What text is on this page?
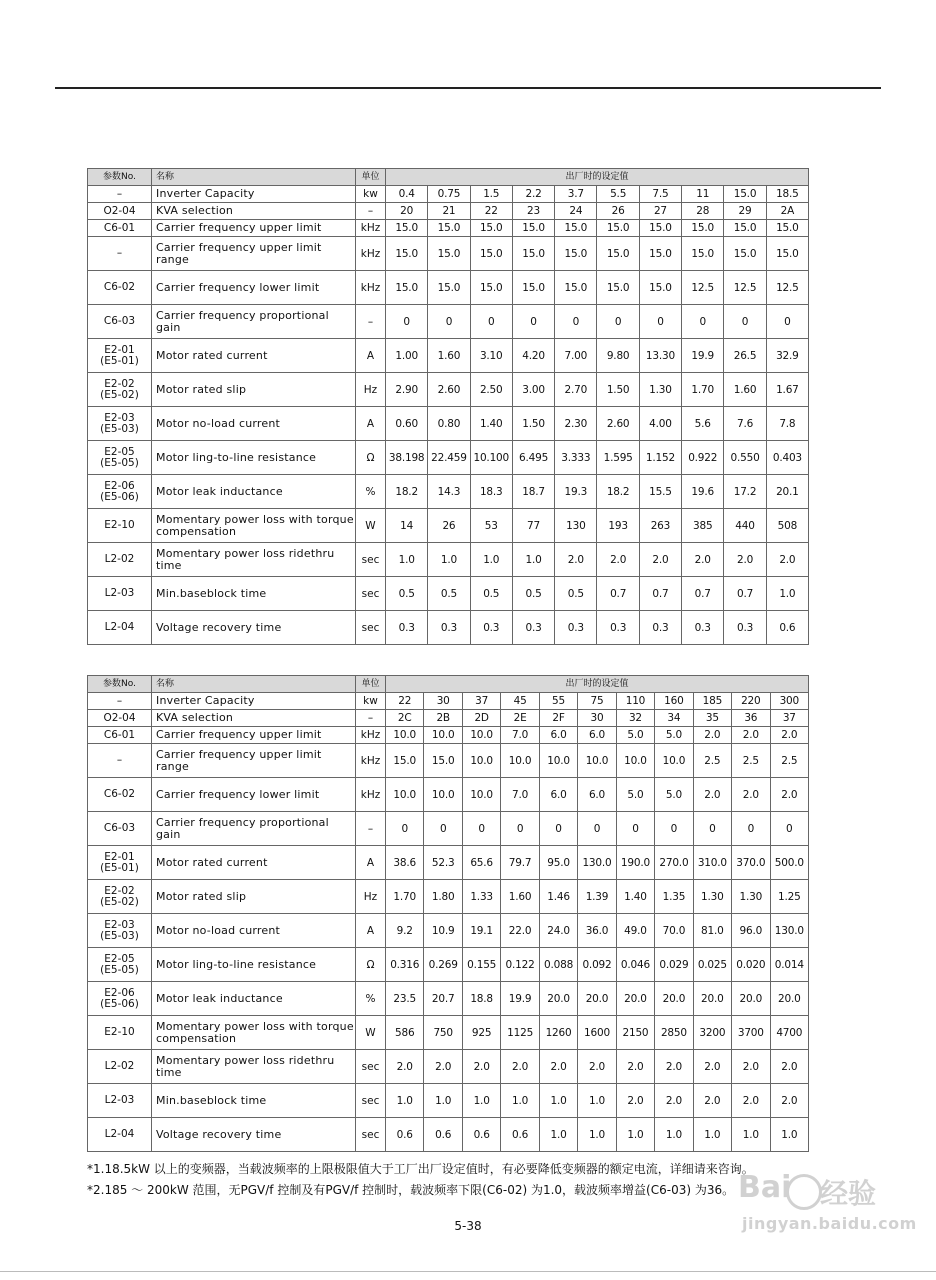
参数No.	名称	单位	出厂时的设定值									
–	Inverter Capacity	kw	0.4	0.75	1.5	2.2	3.7	5.5	7.5	11	15.0	18.5
O2-04	KVA selection	–	20	21	22	23	24	26	27	28	29	2A
C6-01	Carrier frequency upper limit	kHz	15.0	15.0	15.0	15.0	15.0	15.0	15.0	15.0	15.0	15.0
–	Carrier frequency upper limit range	kHz	15.0	15.0	15.0	15.0	15.0	15.0	15.0	15.0	15.0	15.0
C6-02	Carrier frequency lower limit	kHz	15.0	15.0	15.0	15.0	15.0	15.0	15.0	12.5	12.5	12.5
C6-03	Carrier frequency proportional gain	–	0	0	0	0	0	0	0	0	0	0
E2-01
(E5-01)	Motor rated current	A	1.00	1.60	3.10	4.20	7.00	9.80	13.30	19.9	26.5	32.9
E2-02
(E5-02)	Motor rated slip	Hz	2.90	2.60	2.50	3.00	2.70	1.50	1.30	1.70	1.60	1.67
E2-03
(E5-03)	Motor no-load current	A	0.60	0.80	1.40	1.50	2.30	2.60	4.00	5.6	7.6	7.8
E2-05
(E5-05)	Motor ling-to-line resistance	Ω	38.198	22.459	10.100	6.495	3.333	1.595	1.152	0.922	0.550	0.403
E2-06
(E5-06)	Motor leak inductance	%	18.2	14.3	18.3	18.7	19.3	18.2	15.5	19.6	17.2	20.1
E2-10	Momentary power loss with torque compensation	W	14	26	53	77	130	193	263	385	440	508
L2-02	Momentary power loss ridethru time	sec	1.0	1.0	1.0	1.0	2.0	2.0	2.0	2.0	2.0	2.0
L2-03	Min.baseblock time	sec	0.5	0.5	0.5	0.5	0.5	0.7	0.7	0.7	0.7	1.0
L2-04	Voltage recovery time	sec	0.3	0.3	0.3	0.3	0.3	0.3	0.3	0.3	0.3	0.6
参数No.	名称	单位	出厂时的设定值										
–	Inverter Capacity	kw	22	30	37	45	55	75	110	160	185	220	300
O2-04	KVA selection	–	2C	2B	2D	2E	2F	30	32	34	35	36	37
C6-01	Carrier frequency upper limit	kHz	10.0	10.0	10.0	7.0	6.0	6.0	5.0	5.0	2.0	2.0	2.0
–	Carrier frequency upper limit range	kHz	15.0	15.0	10.0	10.0	10.0	10.0	10.0	10.0	2.5	2.5	2.5
C6-02	Carrier frequency lower limit	kHz	10.0	10.0	10.0	7.0	6.0	6.0	5.0	5.0	2.0	2.0	2.0
C6-03	Carrier frequency proportional gain	–	0	0	0	0	0	0	0	0	0	0	0
E2-01
(E5-01)	Motor rated current	A	38.6	52.3	65.6	79.7	95.0	130.0	190.0	270.0	310.0	370.0	500.0
E2-02
(E5-02)	Motor rated slip	Hz	1.70	1.80	1.33	1.60	1.46	1.39	1.40	1.35	1.30	1.30	1.25
E2-03
(E5-03)	Motor no-load current	A	9.2	10.9	19.1	22.0	24.0	36.0	49.0	70.0	81.0	96.0	130.0
E2-05
(E5-05)	Motor ling-to-line resistance	Ω	0.316	0.269	0.155	0.122	0.088	0.092	0.046	0.029	0.025	0.020	0.014
E2-06
(E5-06)	Motor leak inductance	%	23.5	20.7	18.8	19.9	20.0	20.0	20.0	20.0	20.0	20.0	20.0
E2-10	Momentary power loss with torque compensation	W	586	750	925	1125	1260	1600	2150	2850	3200	3700	4700
L2-02	Momentary power loss ridethru time	sec	2.0	2.0	2.0	2.0	2.0	2.0	2.0	2.0	2.0	2.0	2.0
L2-03	Min.baseblock time	sec	1.0	1.0	1.0	1.0	1.0	1.0	2.0	2.0	2.0	2.0	2.0
L2-04	Voltage recovery time	sec	0.6	0.6	0.6	0.6	1.0	1.0	1.0	1.0	1.0	1.0	1.0
*1.18.5kW 以上的变频器，当载波频率的上限极限值大于工厂出厂设定值时，有必要降低变频器的额定电流，详细请来咨询。
*2.185 ～ 200kW 范围，无PGV/f 控制及有PGV/f 控制时，载波频率下限(C6-02) 为1.0，载波频率增益(C6-03) 为36。
5-38
Bai 经验
jingyan.baidu.com
